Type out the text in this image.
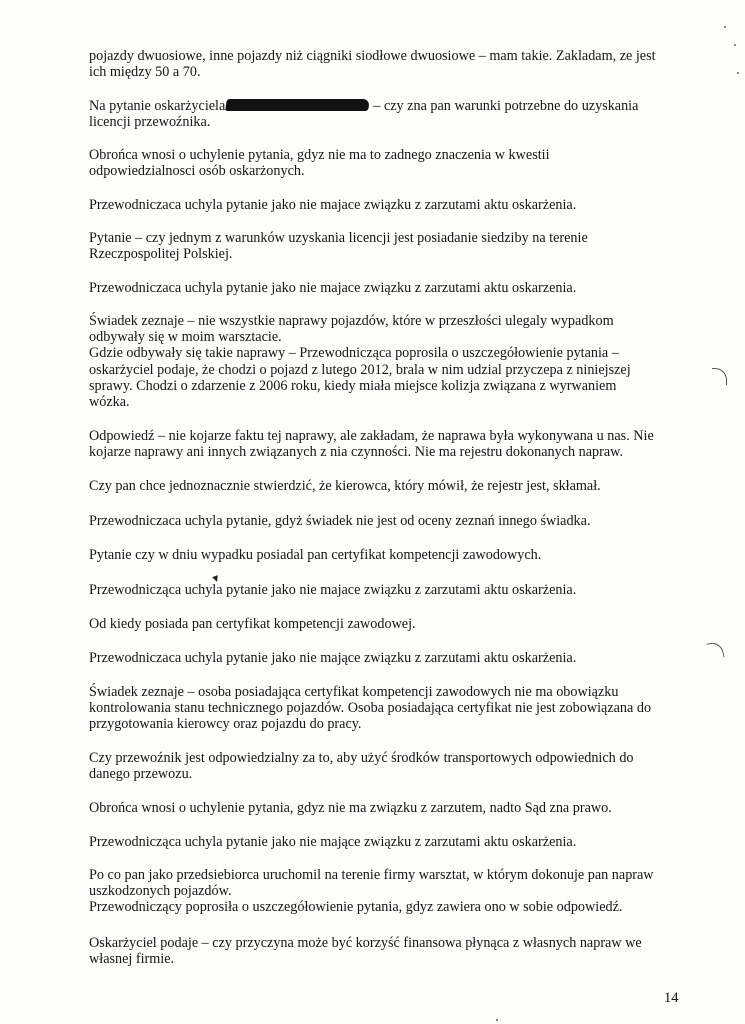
pojazdy dwuosiowe, inne pojazdy niż ciągniki siodłowe dwuosiowe – mam takie. Zakladam, ze jest
ich między 50 a 70.

Na pytanie oskarżyciela	– czy zna pan warunki potrzebne do uzyskania
licencji przewoźnika.

Obrońca wnosi o uchylenie pytania, gdyz nie ma to zadnego znaczenia w kwestii
odpowiedzialnosci osób oskarżonych.

Przewodniczaca uchyla pytanie jako nie majace związku z zarzutami aktu oskarżenia.

Pytanie – czy jednym z warunków uzyskania licencji jest posiadanie siedziby na terenie
Rzeczpospolitej Polskiej.

Przewodniczaca uchyla pytanie jako nie majace związku z zarzutami aktu oskarzenia.

Świadek zeznaje – nie wszystkie naprawy pojazdów, które w przeszłości ulegaly wypadkom
odbywały się w moim warsztacie.
Gdzie odbywały się takie naprawy – Przewodnicząca poprosila o uszczegółowienie pytania –
oskarżyciel podaje, że chodzi o pojazd z lutego 2012, brala w nim udzial przyczepa z niniejszej
sprawy. Chodzi o zdarzenie z 2006 roku, kiedy miała miejsce kolizja związana z wyrwaniem
wózka.

Odpowiedź – nie kojarze faktu tej naprawy, ale zakładam, że naprawa była wykonywana u nas. Nie
kojarze naprawy ani innych związanych z nia czynności. Nie ma rejestru dokonanych napraw.

Czy pan chce jednoznacznie stwierdzić, że kierowca, który mówił, że rejestr jest, skłamał.

Przewodniczaca uchyla pytanie, gdyż świadek nie jest od oceny zeznań innego świadka.

Pytanie czy w dniu wypadku posiadal pan certyfikat kompetencji zawodowych.

Przewodnicząca uchyla pytanie jako nie majace związku z zarzutami aktu oskarżenia.

Od kiedy posiada pan certyfikat kompetencji zawodowej.

Przewodniczaca uchyla pytanie jako nie mające związku z zarzutami aktu oskarżenia.

Świadek zeznaje – osoba posiadająca certyfikat kompetencji zawodowych nie ma obowiązku
kontrolowania stanu technicznego pojazdów. Osoba posiadająca certyfikat nie jest zobowiązana do
przygotowania kierowcy oraz pojazdu do pracy.

Czy przewoźnik jest odpowiedzialny za to, aby użyć środków transportowych odpowiednich do
danego przewozu.

Obrońca wnosi o uchylenie pytania, gdyz nie ma związku z zarzutem, nadto Sąd zna prawo.

Przewodnicząca uchyla pytanie jako nie mające związku z zarzutami aktu oskarżenia.

Po co pan jako przedsiebiorca uruchomil na terenie firmy warsztat, w którym dokonuje pan napraw
uszkodzonych pojazdów.
Przewodniczący poprosiła o uszczegółowienie pytania, gdyz zawiera ono w sobie odpowiedź.

Oskarżyciel podaje – czy przyczyna może być korzyść finansowa płynąca z własnych napraw we
własnej firmie.

14
